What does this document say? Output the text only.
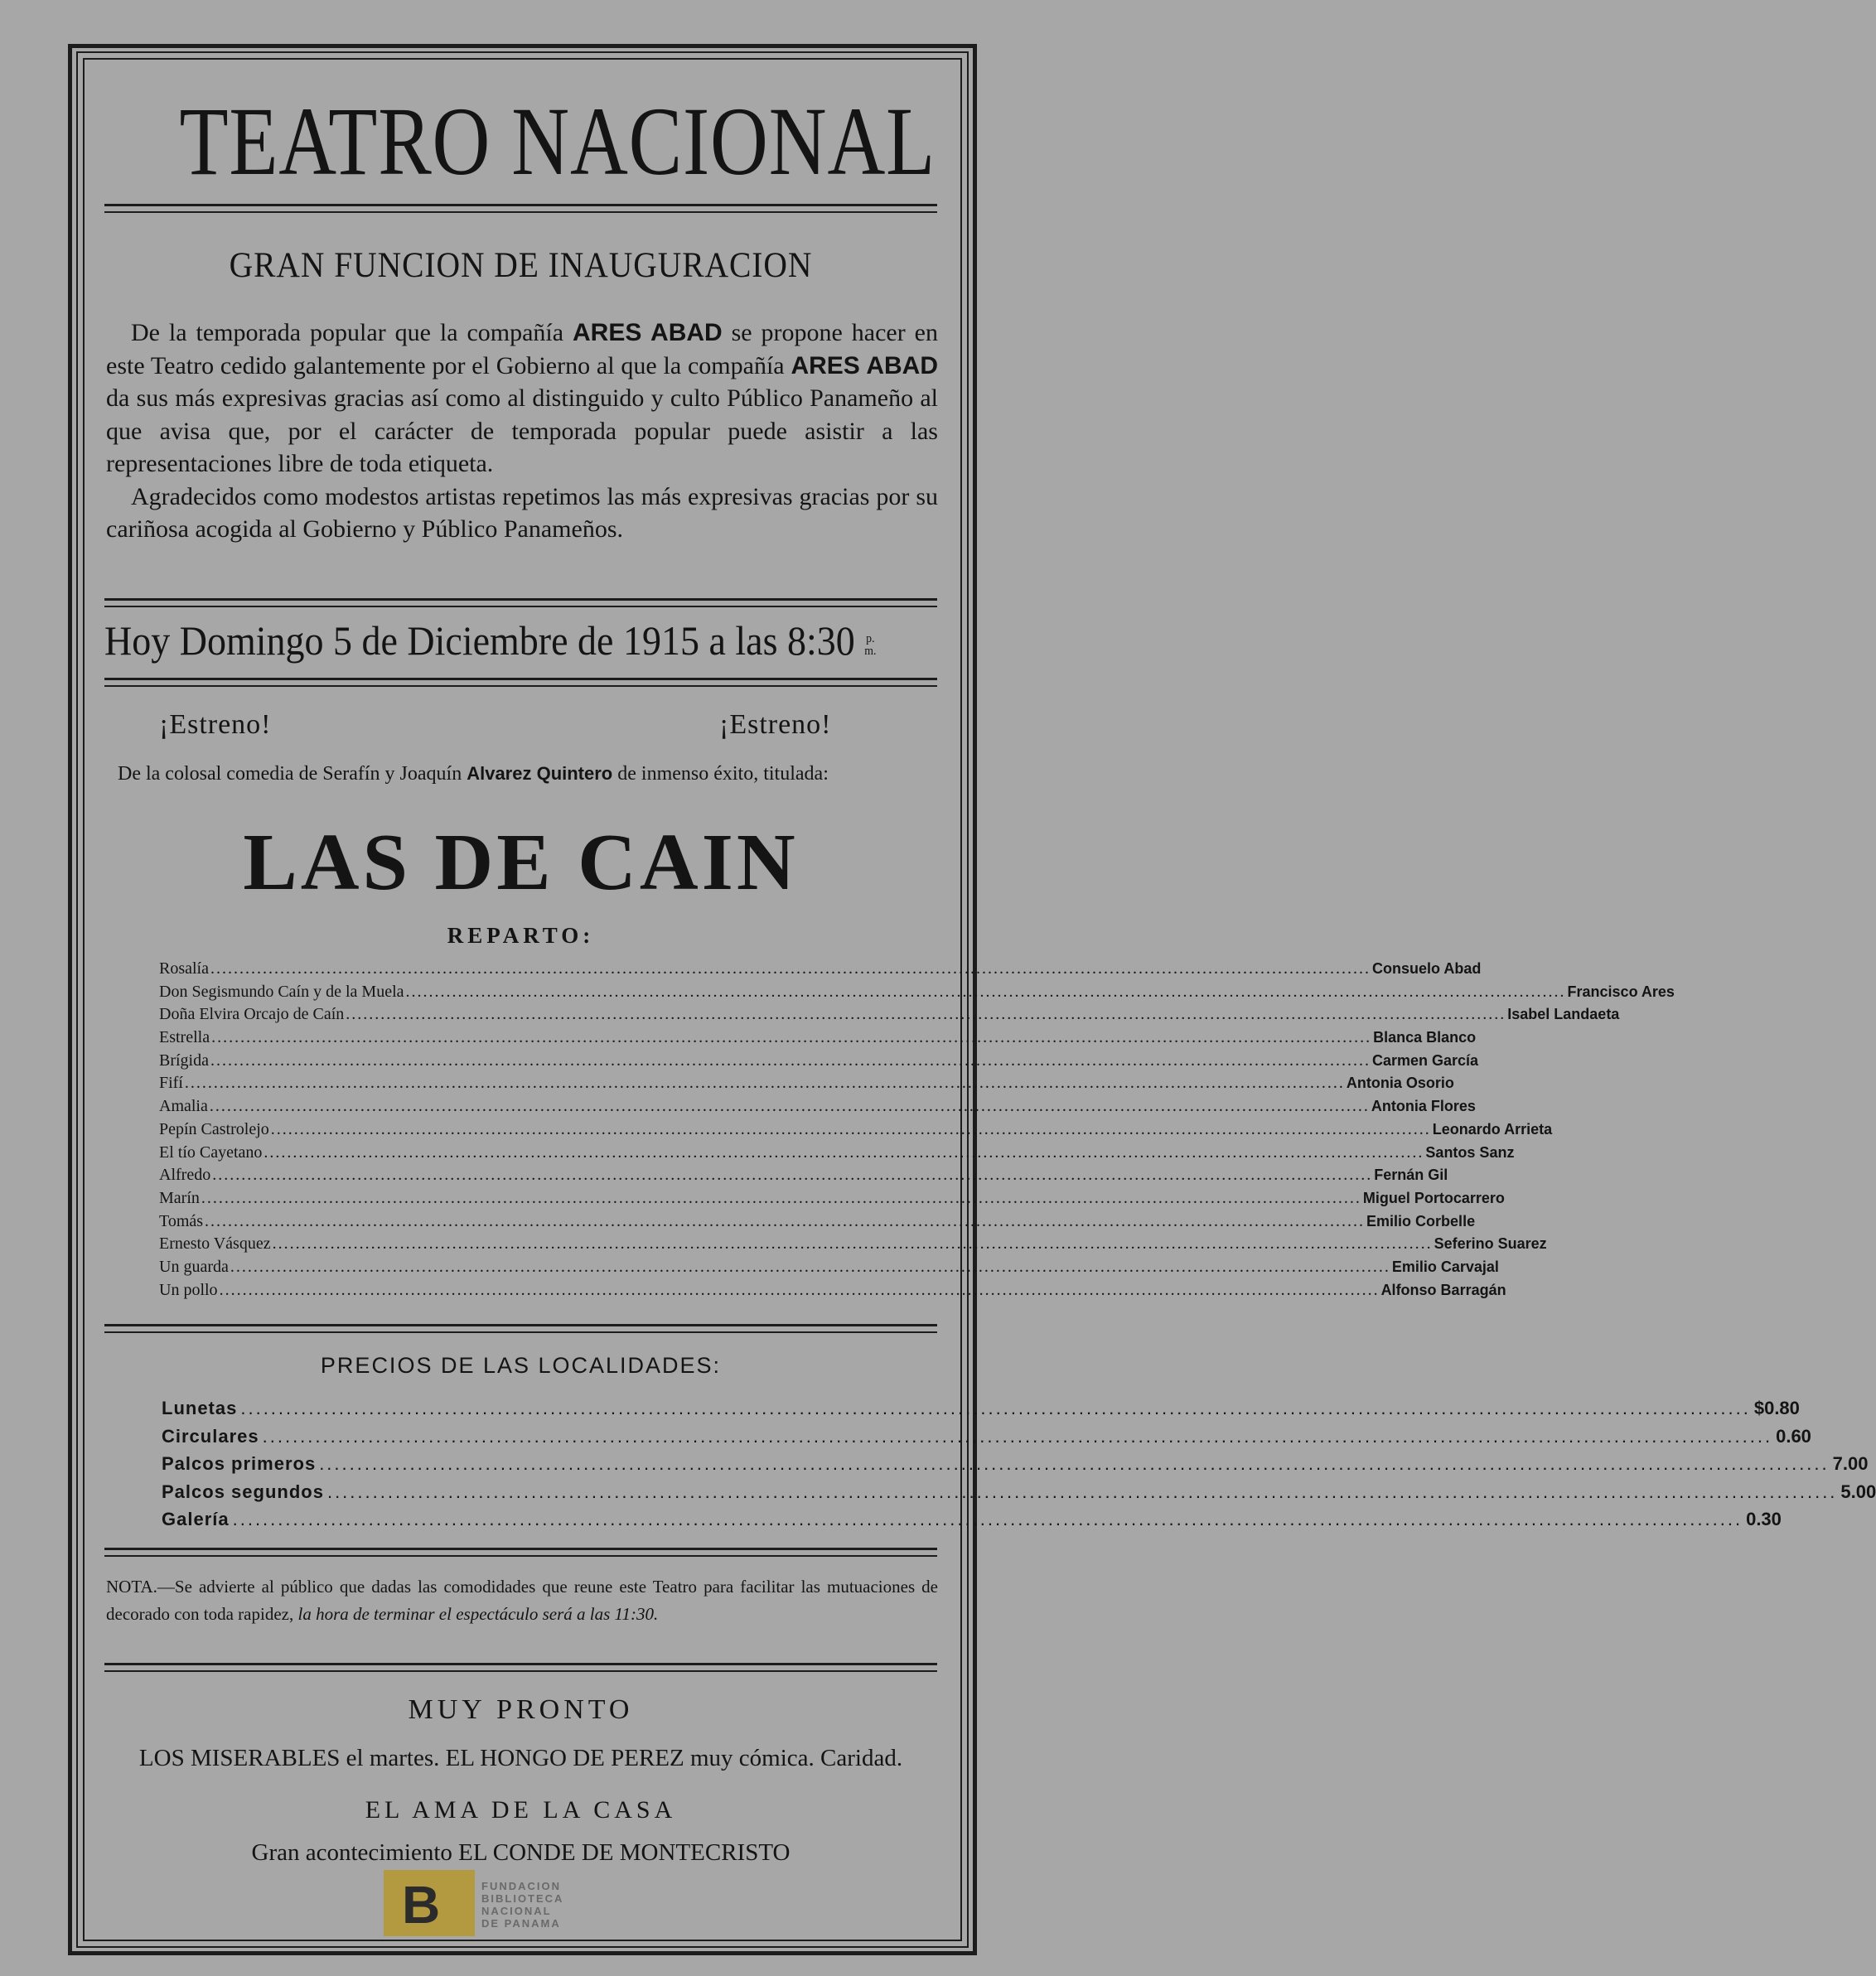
TEATRO NACIONAL
GRAN FUNCION DE INAUGURACION

De la temporada popular que la compañía ARES ABAD se propone hacer en este Teatro cedido galantemente por el Gobierno al que la compañía ARES ABAD da sus más expresivas gracias así como al distinguido y culto Público Panameño al que avisa que, por el carácter de temporada popular puede asistir a las representaciones libre de toda etiqueta.

Agradecidos como modestos artistas repetimos las más expresivas gracias por su cariñosa acogida al Gobierno y Público Panameños.

Hoy Domingo 5 de Diciembre de 1915 a las 8:30 p.
m.
¡Estreno!	¡Estreno!
De la colosal comedia de Serafín y Joaquín Alvarez Quintero de inmenso éxito, titulada:
LAS DE CAIN
REPARTO:
Rosalía ........................................................................................................................................................................................................ Consuelo Abad
Don Segismundo Caín y de la Muela ........................................................................................................................................................................................................ Francisco Ares
Doña Elvira Orcajo de Caín ........................................................................................................................................................................................................ Isabel Landaeta
Estrella ........................................................................................................................................................................................................ Blanca Blanco
Brígida ........................................................................................................................................................................................................ Carmen García
Fifí ........................................................................................................................................................................................................ Antonia Osorio
Amalia ........................................................................................................................................................................................................ Antonia Flores
Pepín Castrolejo ........................................................................................................................................................................................................ Leonardo Arrieta
El tío Cayetano ........................................................................................................................................................................................................ Santos Sanz
Alfredo ........................................................................................................................................................................................................ Fernán Gil
Marín ........................................................................................................................................................................................................ Miguel Portocarrero
Tomás ........................................................................................................................................................................................................ Emilio Corbelle
Ernesto Vásquez ........................................................................................................................................................................................................ Seferino Suarez
Un guarda ........................................................................................................................................................................................................ Emilio Carvajal
Un pollo ........................................................................................................................................................................................................ Alfonso Barragán
PRECIOS DE LAS LOCALIDADES:
Lunetas ........................................................................................................................................................................................................ $ 0.80
Circulares ........................................................................................................................................................................................................ 0.60
Palcos primeros ........................................................................................................................................................................................................ 7.00
Palcos segundos ........................................................................................................................................................................................................ 5.00
Galería ........................................................................................................................................................................................................ 0.30
NOTA.—Se advierte al público que dadas las comodidades que reune este Teatro para facilitar las mutuaciones de decorado con toda rapidez, la hora de terminar el espectáculo será a las 11:30.
MUY PRONTO
LOS MISERABLES el martes. EL HONGO DE PEREZ muy cómica. Caridad.
EL AMA DE LA CASA
Gran acontecimiento EL CONDE DE MONTECRISTO
B	FUNDACION
BIBLIOTECA
NACIONAL
DE PANAMA
